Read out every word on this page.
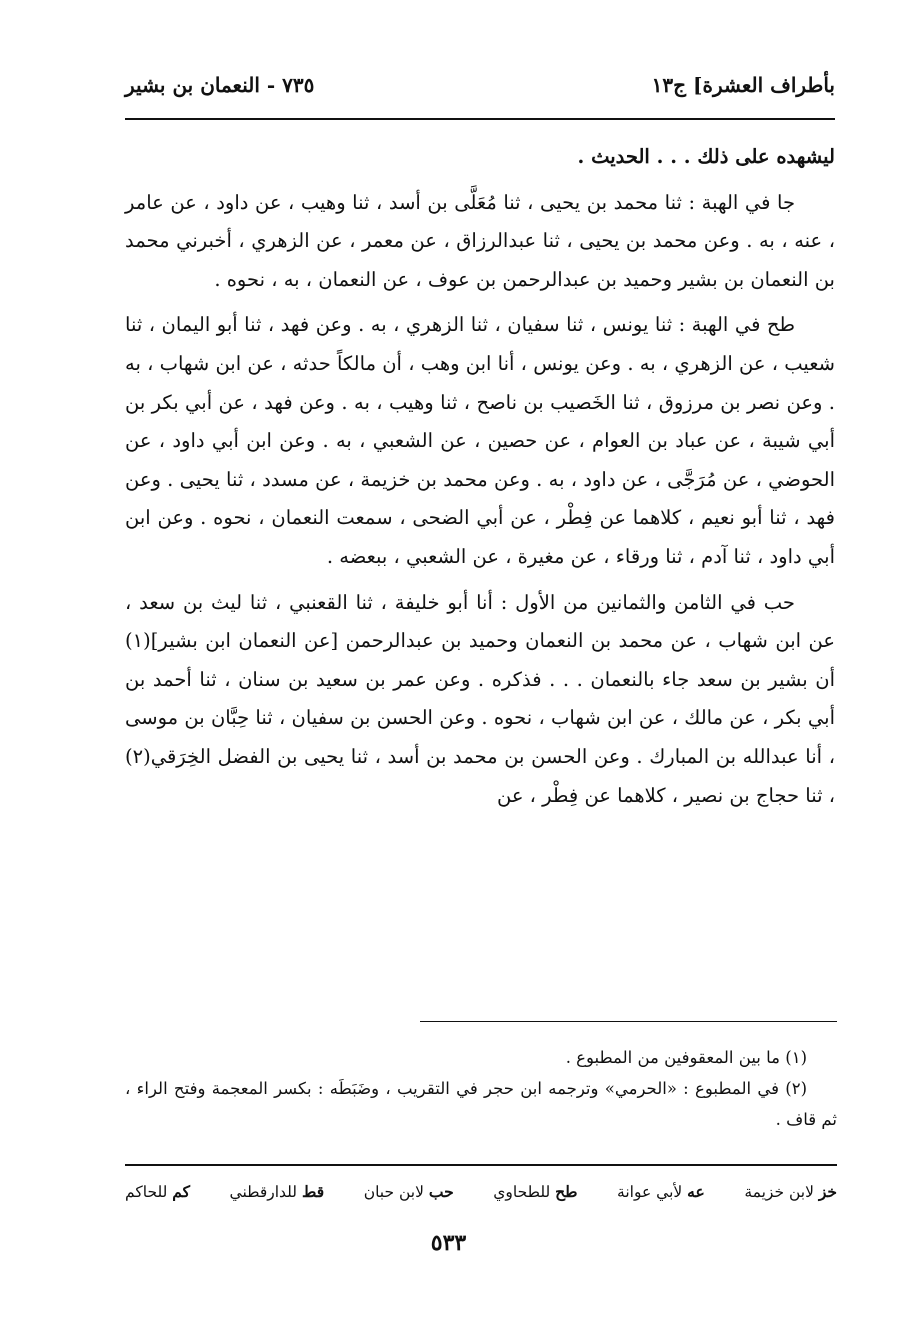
بأطراف العشرة] ج١٣
٧٣٥ - النعمان بن بشير

ليشهده على ذلك . . . الحديث .

جا في الهبة : ثنا محمد بن يحيى ، ثنا مُعَلَّى بن أسد ، ثنا وهيب ، عن داود ، عن عامر ، عنه ، به . وعن محمد بن يحيى ، ثنا عبدالرزاق ، عن معمر ، عن الزهري ، أخبرني محمد بن النعمان بن بشير وحميد بن عبدالرحمن بن عوف ، عن النعمان ، به ، نحوه .

طح في الهبة : ثنا يونس ، ثنا سفيان ، ثنا الزهري ، به . وعن فهد ، ثنا أبو اليمان ، ثنا شعيب ، عن الزهري ، به . وعن يونس ، أنا ابن وهب ، أن مالكاً حدثه ، عن ابن شهاب ، به . وعن نصر بن مرزوق ، ثنا الخَصيب بن ناصح ، ثنا وهيب ، به . وعن فهد ، عن أبي بكر بن أبي شيبة ، عن عباد بن العوام ، عن حصين ، عن الشعبي ، به . وعن ابن أبي داود ، عن الحوضي ، عن مُرَجَّى ، عن داود ، به . وعن محمد بن خزيمة ، عن مسدد ، ثنا يحيى . وعن فهد ، ثنا أبو نعيم ، كلاهما عن فِطْر ، عن أبي الضحى ، سمعت النعمان ، نحوه . وعن ابن أبي داود ، ثنا آدم ، ثنا ورقاء ، عن مغيرة ، عن الشعبي ، ببعضه .

حب في الثامن والثمانين من الأول : أنا أبو خليفة ، ثنا القعنبي ، ثنا ليث بن سعد ، عن ابن شهاب ، عن محمد بن النعمان وحميد بن عبدالرحمن [عن النعمان ابن بشير](١) أن بشير بن سعد جاء بالنعمان . . . فذكره . وعن عمر بن سعيد بن سنان ، ثنا أحمد بن أبي بكر ، عن مالك ، عن ابن شهاب ، نحوه . وعن الحسن بن سفيان ، ثنا حِبَّان بن موسى ، أنا عبدالله بن المبارك . وعن الحسن بن محمد بن أسد ، ثنا يحيى بن الفضل الخِرَقي(٢) ، ثنا حجاج بن نصير ، كلاهما عن فِطْر ، عن

(١) ما بين المعقوفين من المطبوع .

(٢) في المطبوع : «الحرمي» وترجمه ابن حجر في التقريب ، وضَبَطَه : بكسر المعجمة وفتح الراء ، ثم قاف .

خز لابن خزيمة
عه لأبي عوانة
طح للطحاوي
حب لابن حبان
قط للدارقطني
كم للحاكم
٥٣٣
